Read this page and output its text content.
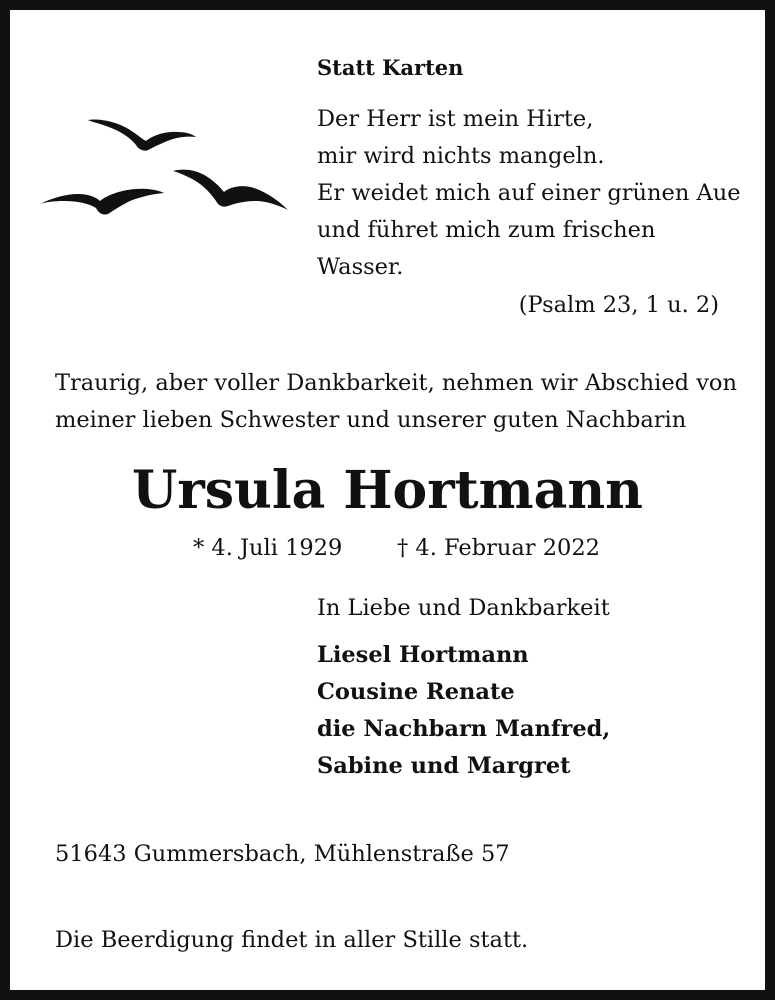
Statt Karten

Der Herr ist mein Hirte,
mir wird nichts mangeln.
Er weidet mich auf einer grünen Aue
und führet mich zum frischen
Wasser.

(Psalm 23, 1 u. 2)

Traurig, aber voller Dankbarkeit, nehmen wir Abschied von
meiner lieben Schwester und unserer guten Nachbarin

Ursula Hortmann

* 4. Juli 1929 † 4. Februar 2022

In Liebe und Dankbarkeit

Liesel Hortmann
Cousine Renate
die Nachbarn Manfred,
Sabine und Margret

51643 Gummersbach, Mühlenstraße 57

Die Beerdigung findet in aller Stille statt.
